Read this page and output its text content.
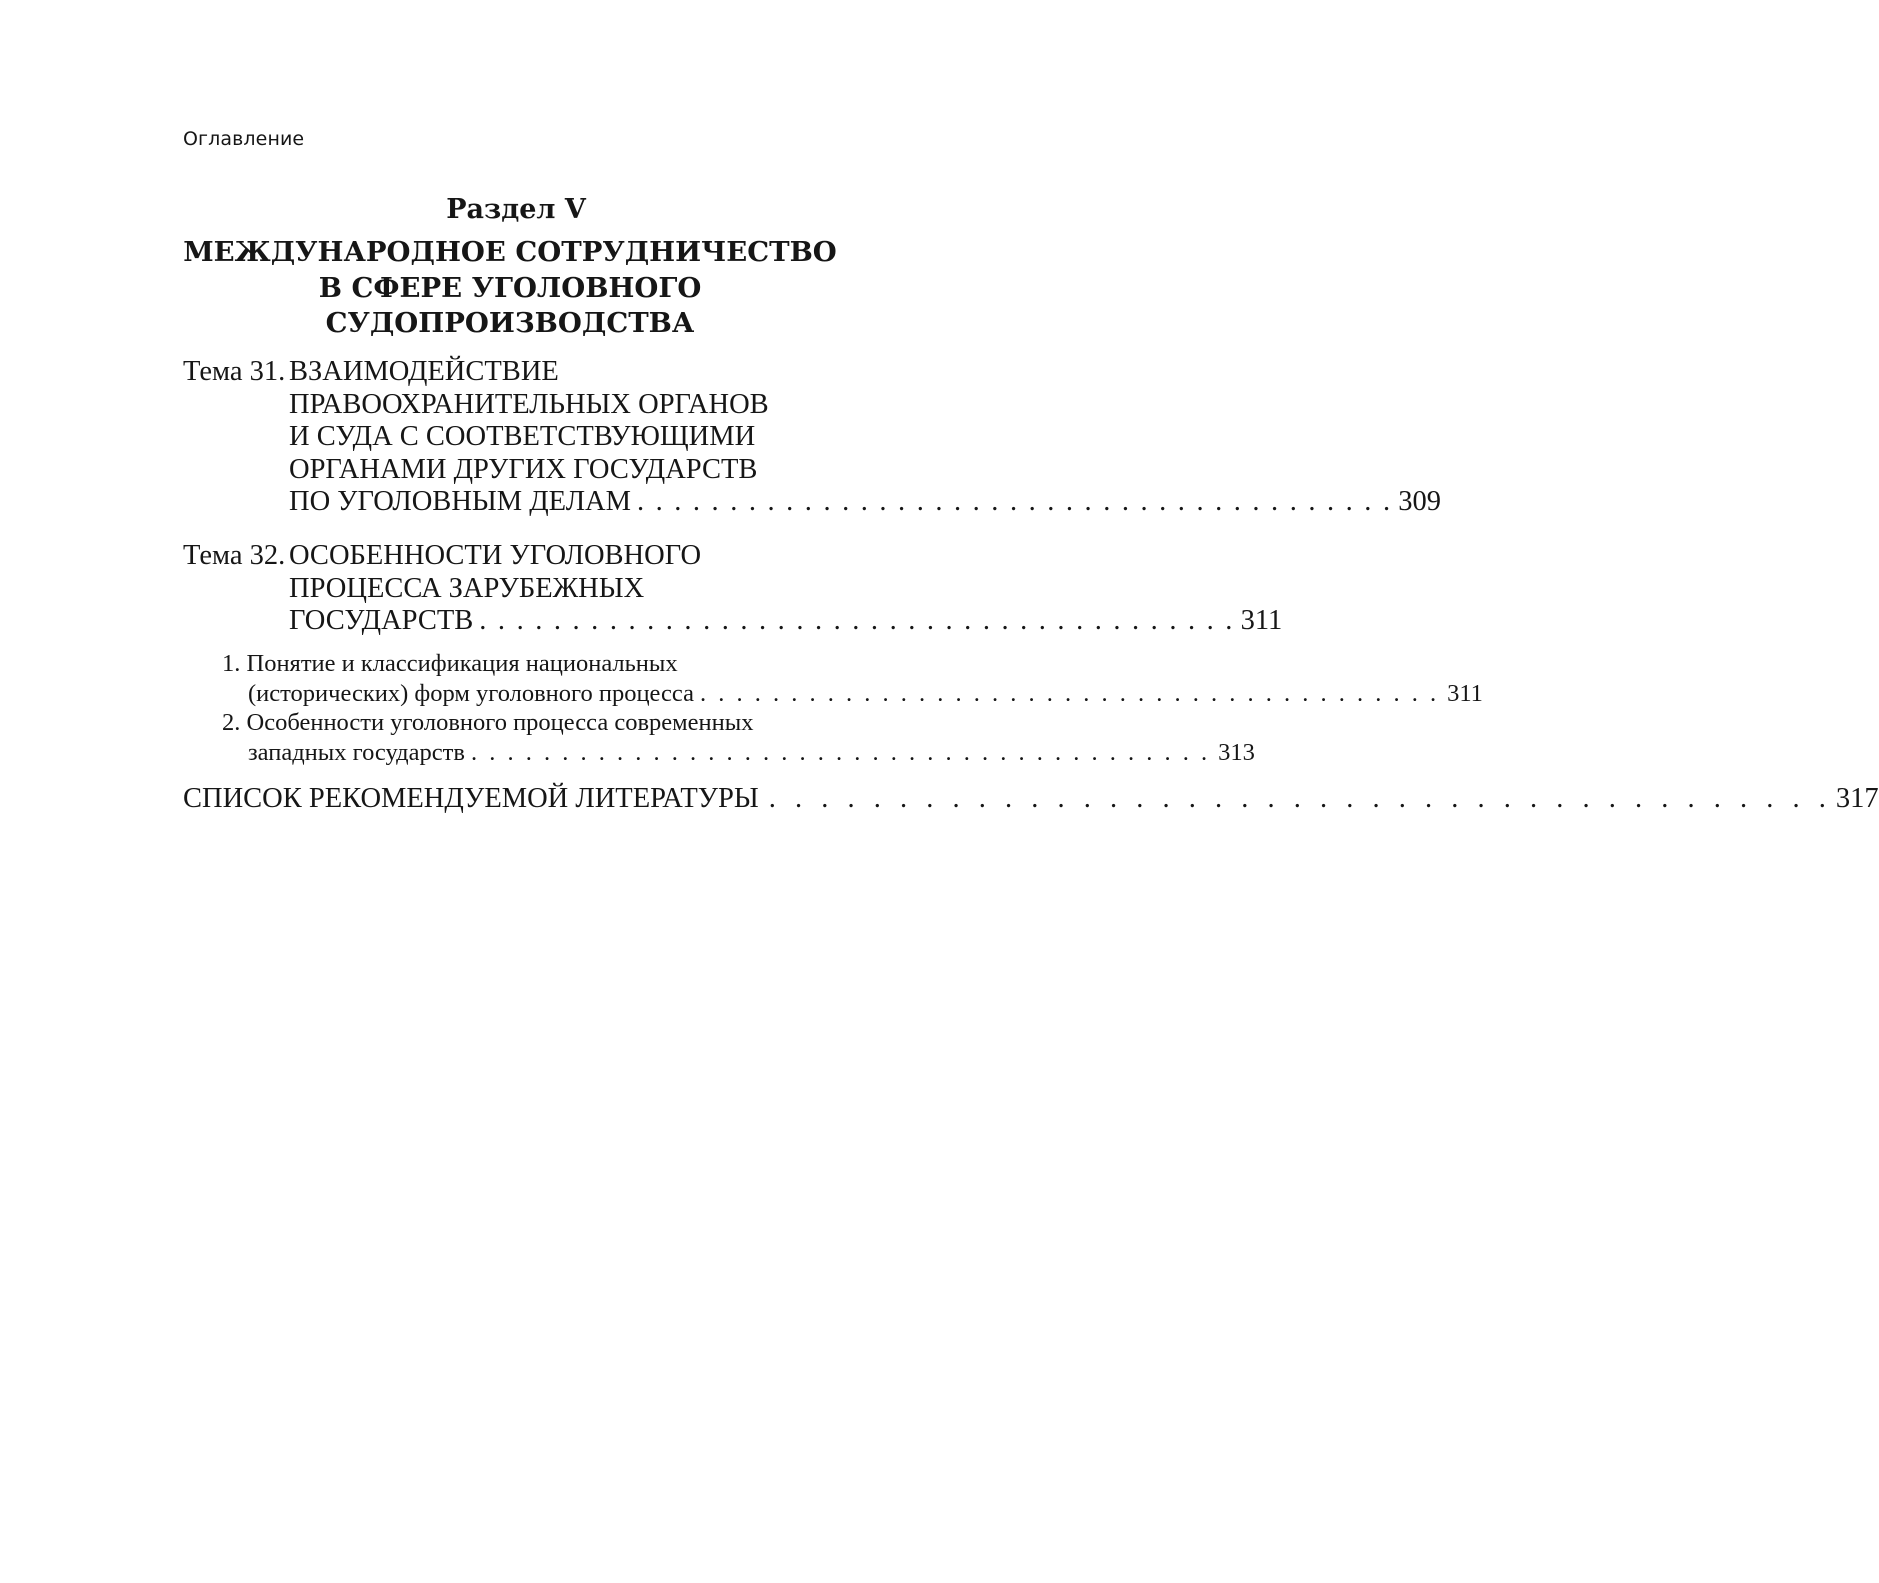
Оглавление
Раздел V
МЕЖДУНАРОДНОЕ СОТРУДНИЧЕСТВО
В СФЕРЕ УГОЛОВНОГО
СУДОПРОИЗВОДСТВА
Тема 31. ВЗАИМОДЕЙСТВИЕ
ПРАВООХРАНИТЕЛЬНЫХ ОРГАНОВ
И СУДА С СООТВЕТСТВУЮЩИМИ
ОРГАНАМИ ДРУГИХ ГОСУДАРСТВ
ПО УГОЛОВНЫМ ДЕЛАМ . . . . . . . . . . . . . . . . . . . . . . . . . . . . . . . . . . . . . . . . . 309
Тема 32. ОСОБЕННОСТИ УГОЛОВНОГО
ПРОЦЕССА ЗАРУБЕЖНЫХ
ГОСУДАРСТВ . . . . . . . . . . . . . . . . . . . . . . . . . . . . . . . . . . . . . . . . . 311
1. Понятие и классификация национальных
(исторических) форм уголовного процесса . . . . . . . . . . . . . . . . . . . . . . . . . . . . . . . . . . . . . . . . . 311
2. Особенности уголовного процесса современных
западных государств . . . . . . . . . . . . . . . . . . . . . . . . . . . . . . . . . . . . . . . . . 313
СПИСОК РЕКОМЕНДУЕМОЙ ЛИТЕРАТУРЫ . . . . . . . . . . . . . . . . . . . . . . . . . . . . . . . . . . . . . . . . . 317
